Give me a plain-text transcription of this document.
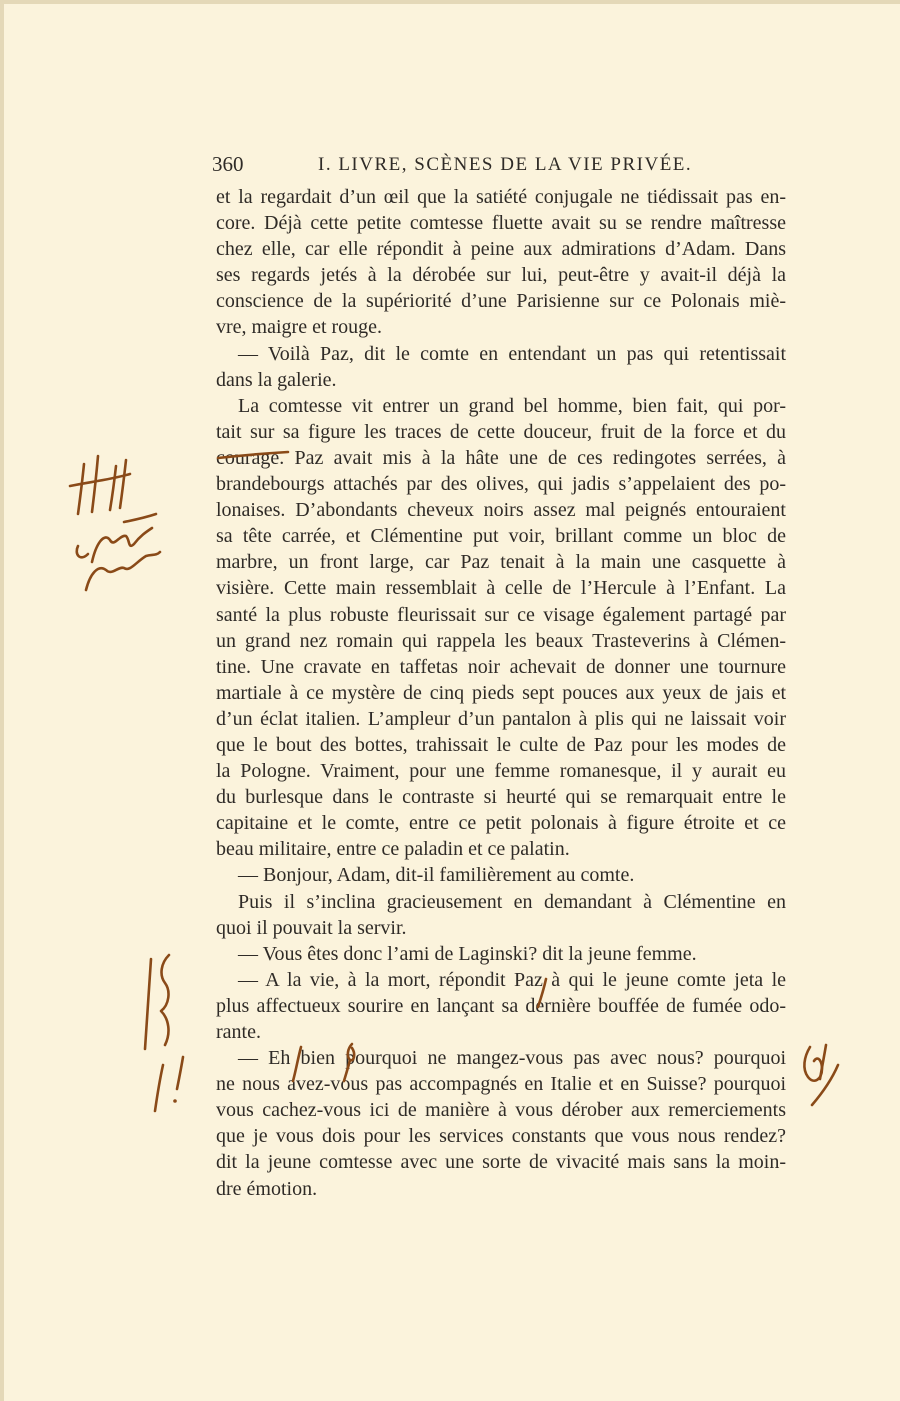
360	I. LIVRE, SCÈNES DE LA VIE PRIVÉE.
et la regardait d’un œil que la satiété conjugale ne tiédissait pas en-
core. Déjà cette petite comtesse fluette avait su se rendre maîtresse
chez elle, car elle répondit à peine aux admirations d’Adam. Dans
ses regards jetés à la dérobée sur lui, peut-être y avait-il déjà la
conscience de la supériorité d’une Parisienne sur ce Polonais miè-
vre, maigre et rouge.
— Voilà Paz, dit le comte en entendant un pas qui retentissait
dans la galerie.
La comtesse vit entrer un grand bel homme, bien fait, qui por-
tait sur sa figure les traces de cette douceur, fruit de la force et du
courage. Paz avait mis à la hâte une de ces redingotes serrées, à
brandebourgs attachés par des olives, qui jadis s’appelaient des po-
lonaises. D’abondants cheveux noirs assez mal peignés entouraient
sa tête carrée, et Clémentine put voir, brillant comme un bloc de
marbre, un front large, car Paz tenait à la main une casquette à
visière. Cette main ressemblait à celle de l’Hercule à l’Enfant. La
santé la plus robuste fleurissait sur ce visage également partagé par
un grand nez romain qui rappela les beaux Trasteverins à Clémen-
tine. Une cravate en taffetas noir achevait de donner une tournure
martiale à ce mystère de cinq pieds sept pouces aux yeux de jais et
d’un éclat italien. L’ampleur d’un pantalon à plis qui ne laissait voir
que le bout des bottes, trahissait le culte de Paz pour les modes de
la Pologne. Vraiment, pour une femme romanesque, il y aurait eu
du burlesque dans le contraste si heurté qui se remarquait entre le
capitaine et le comte, entre ce petit polonais à figure étroite et ce
beau militaire, entre ce paladin et ce palatin.
— Bonjour, Adam, dit-il familièrement au comte.
Puis il s’inclina gracieusement en demandant à Clémentine en
quoi il pouvait la servir.
— Vous êtes donc l’ami de Laginski? dit la jeune femme.
— A la vie, à la mort, répondit Paz à qui le jeune comte jeta le
plus affectueux sourire en lançant sa dernière bouffée de fumée odo-
rante.
— Eh bien pourquoi ne mangez-vous pas avec nous? pourquoi
ne nous avez-vous pas accompagnés en Italie et en Suisse? pourquoi
vous cachez-vous ici de manière à vous dérober aux remerciements
que je vous dois pour les services constants que vous nous rendez?
dit la jeune comtesse avec une sorte de vivacité mais sans la moin-
dre émotion.
